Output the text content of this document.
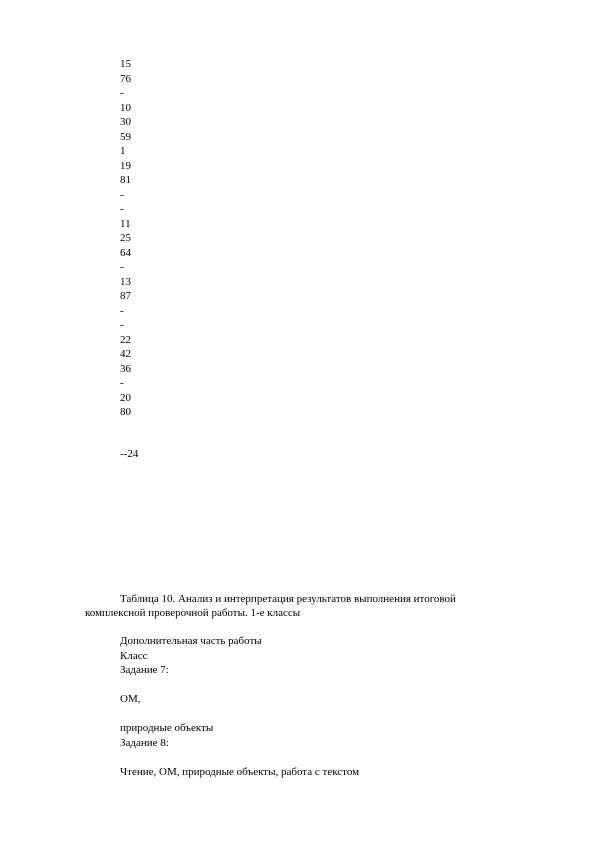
15
76
-
10
30
59
1
19
81
-
-
11
25
64
-
13
87
-
-
22
42
36
-
20
80
--24
Таблица 10. Анализ и интерпретация результатов выполнения итоговой комплексной проверочной работы. 1-е классы
Дополнительная часть работы
Класс
Задание 7:
ОМ,
природные объекты
Задание 8:
Чтение, ОМ, природные объекты, работа с текстом
